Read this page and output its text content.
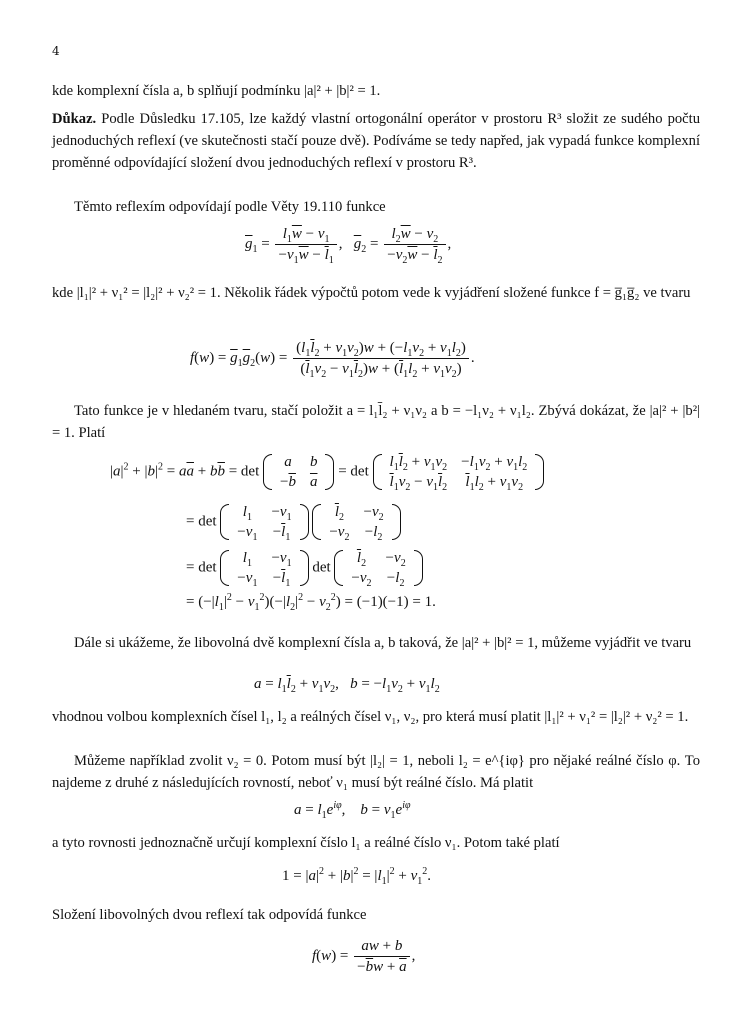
4
kde komplexní čísla a, b splňují podmínku |a|² + |b|² = 1.
Důkaz. Podle Důsledku 17.105, lze každý vlastní ortogonální operátor v prostoru R³ složit ze sudého počtu jednoduchých reflexí (ve skutečnosti stačí pouze dvě). Podíváme se tedy napřed, jak vypadá funkce komplexní proměnné odpovídající složení dvou jednoduchých reflexí v prostoru R³.
Těmto reflexím odpovídají podle Věty 19.110 funkce
$\overline{g}_1 = \frac{l_1\overline{w} - \nu_1}{-\nu_1\overline{w} - \overline{l}_1}$ ,   $\overline{g}_2 = \frac{l_2\overline{w} - \nu_2}{-\nu_2\overline{w} - \overline{l}_2}$ ,
kde |l₁|² + ν₁² = |l₂|² + ν₂² = 1. Několik řádek výpočtů potom vede k vyjádření složené funkce f = g̅₁g̅₂ ve tvaru
$f(w) = \overline{g}_1\overline{g}_2(w) = \frac{(l_1\overline{l}_2 + \nu_1\nu_2)w + (-l_1\nu_2 + \nu_1l_2)}{(\overline{l}_1\nu_2 - \nu_1\overline{l}_2)w + (\overline{l}_1l_2 + \nu_1\nu_2)}$ .
Tato funkce je v hledaném tvaru, stačí položit a = l₁l̄₂ + ν₁ν₂ a b = −l₁ν₂ + ν₁l₂. Zbývá dokázat, že |a|² + |b²| = 1. Platí
$|a|^2 + |b|^2 = a\overline{a} + b\overline{b} = \det$
a	b
$-\overline{b}$	$\overline{a}$
= det
$l_1\overline{l}_2 + \nu_1\nu_2$	$-l_1\nu_2 + \nu_1l_2$
$\overline{l}_1\nu_2 - \nu_1\overline{l}_2$	$\overline{l}_1l_2 + \nu_1\nu_2$
= det
$l_1$	$-\nu_1$
$-\nu_1$	$-\overline{l}_1$

$\overline{l}_2$	$-\nu_2$
$-\nu_2$	$-l_2$
= det
$l_1$	$-\nu_1$
$-\nu_1$	$-\overline{l}_1$
det
$\overline{l}_2$	$-\nu_2$
$-\nu_2$	$-l_2$
= $(-|l_1|^2 - \nu_1^2)(-|l_2|^2 - \nu_2^2) = (-1)(-1) = 1$.
Dále si ukážeme, že libovolná dvě komplexní čísla a, b taková, že |a|² + |b|² = 1, můžeme vyjádřit ve tvaru
$a = l_1\overline{l}_2 + \nu_1\nu_2$,   $b = -l_1\nu_2 + \nu_1l_2$
vhodnou volbou komplexních čísel l₁, l₂ a reálných čísel ν₁, ν₂, pro která musí platit |l₁|² + ν₁² = |l₂|² + ν₂² = 1.
Můžeme například zvolit ν₂ = 0. Potom musí být |l₂| = 1, neboli l₂ = e^{iφ} pro nějaké reálné číslo φ. To najdeme z druhé z následujících rovností, neboť ν₁ musí být reálné číslo. Má platit
$a = l_1e^{i\varphi}$,    $b = \nu_1e^{i\varphi}$
a tyto rovnosti jednoznačně určují komplexní číslo l₁ a reálné číslo ν₁. Potom také platí
$1 = |a|^2 + |b|^2 = |l_1|^2 + \nu_1^2$.
Složení libovolných dvou reflexí tak odpovídá funkce
$f(w) = \frac{aw + b}{-\overline{b}w + \overline{a}}$ ,
